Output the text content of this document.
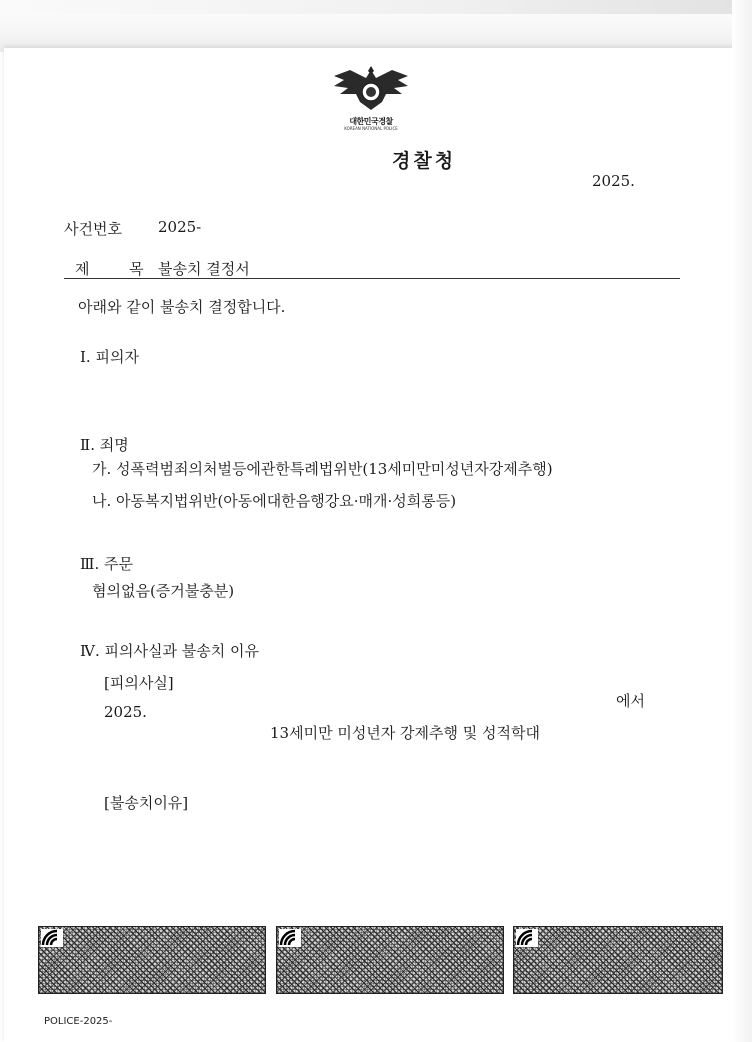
대한민국경찰
KOREAN NATIONAL POLICE
경찰청
2025.
사건번호 2025-
제	목 불송치 결정서
아래와 같이 불송치 결정합니다.
Ⅰ. 피의자
Ⅱ. 죄명
가. 성폭력범죄의처벌등에관한특례법위반(13세미만미성년자강제추행)
나. 아동복지법위반(아동에대한음행강요·매개·성희롱등)
Ⅲ. 주문
혐의없음(증거불충분)
Ⅳ. 피의사실과 불송치 이유
[피의사실]
2025.
에서
13세미만 미성년자 강제추행 및 성적학대
[불송치이유]
POLICE-2025-
